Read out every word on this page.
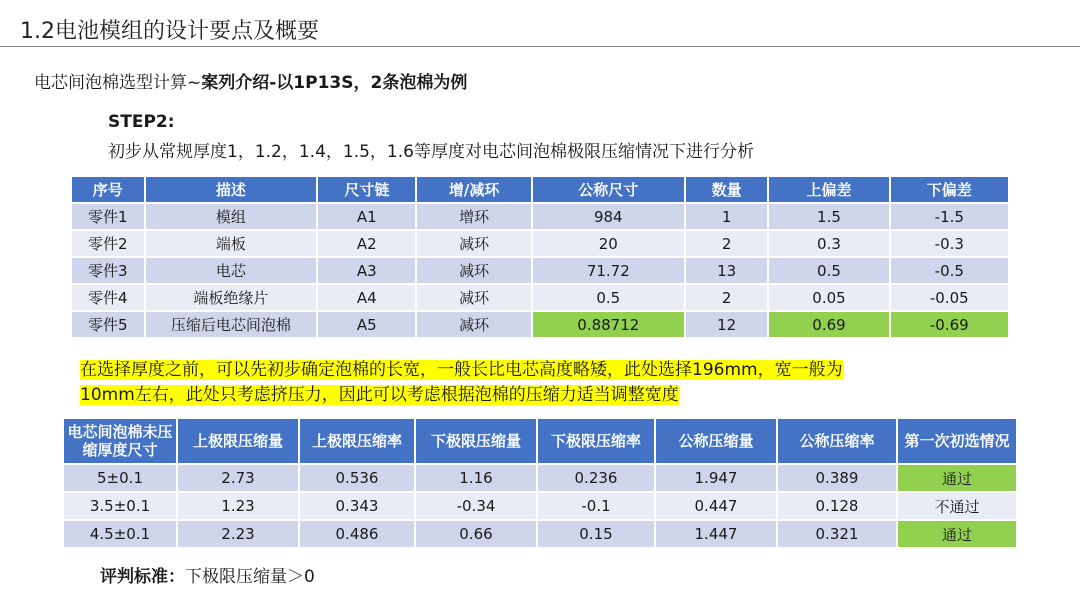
1.2电池模组的设计要点及概要
电芯间泡棉选型计算~案列介绍-以1P13S，2条泡棉为例
STEP2:
初步从常规厚度1，1.2，1.4，1.5，1.6等厚度对电芯间泡棉极限压缩情况下进行分析
序号	描述	尺寸链	增/减环	公称尺寸	数量	上偏差	下偏差
零件1	模组	A1	增环	984	1	1.5	-1.5
零件2	端板	A2	减环	20	2	0.3	-0.3
零件3	电芯	A3	减环	71.72	13	0.5	-0.5
零件4	端板绝缘片	A4	减环	0.5	2	0.05	-0.05
零件5	压缩后电芯间泡棉	A5	减环	0.88712	12	0.69	-0.69
在选择厚度之前，可以先初步确定泡棉的长宽，一般长比电芯高度略矮，此处选择196mm，宽一般为
10mm左右，此处只考虑挤压力，因此可以考虑根据泡棉的压缩力适当调整宽度
电芯间泡棉未压缩厚度尺寸	上极限压缩量	上极限压缩率	下极限压缩量	下极限压缩率	公称压缩量	公称压缩率	第一次初选情况
5±0.1	2.73	0.536	1.16	0.236	1.947	0.389	通过
3.5±0.1	1.23	0.343	-0.34	-0.1	0.447	0.128	不通过
4.5±0.1	2.23	0.486	0.66	0.15	1.447	0.321	通过
评判标准：下极限压缩量＞0
